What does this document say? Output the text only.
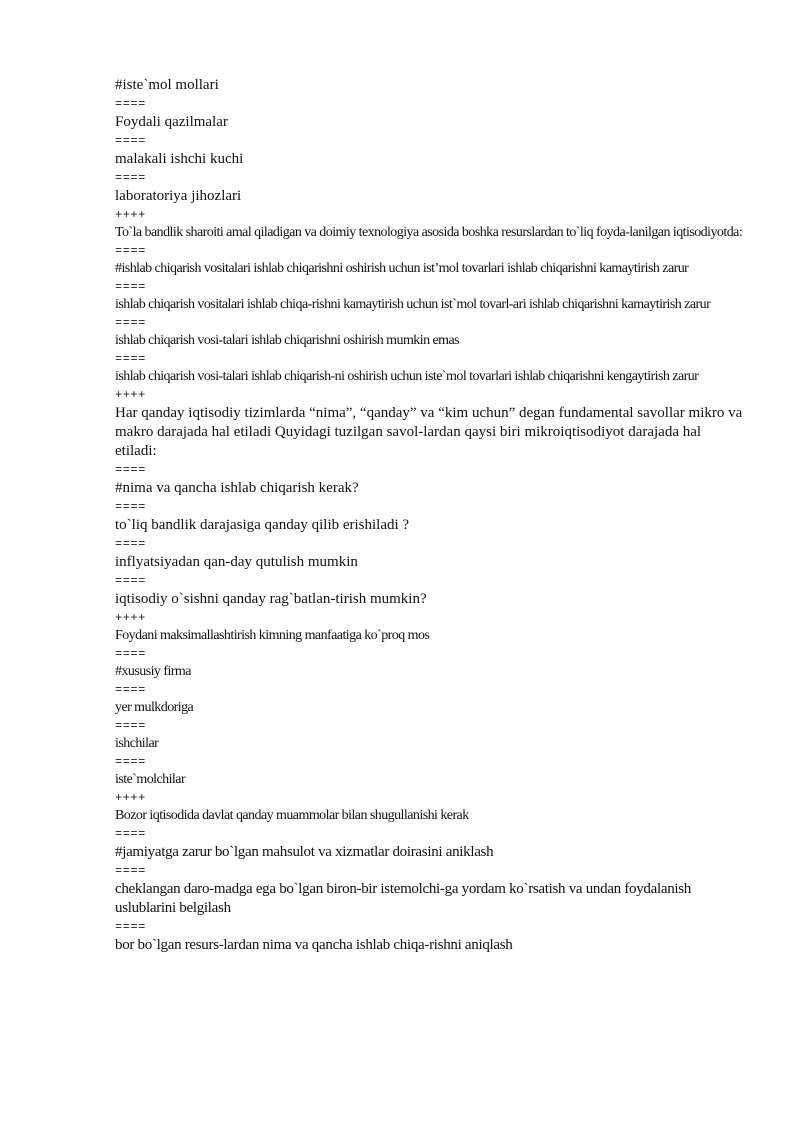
#iste`mol mollari
====
Foydali qazilmalar
====
malakali ishchi kuchi
====
laboratoriya jihozlari
++++
To`la bandlik sharoiti amal qiladigan va doimiy texnologiya asosida boshka resurslardan to`liq foyda-lanilgan iqtisodiyotda:
====
#ishlab chiqarish vositalari ishlab chiqarishni oshirish uchun ist’mol tovarlari ishlab chiqarishni kamaytirish zarur
====
ishlab chiqarish vositalari ishlab chiqa-rishni kamaytirish uchun ist`mol tovarl-ari ishlab chiqarishni kamaytirish zarur
====
ishlab chiqarish vosi-talari ishlab chiqarishni oshirish mumkin emas
====
ishlab chiqarish vosi-talari ishlab chiqarish-ni oshirish uchun iste`mol tovarlari ishlab chiqarishni kengaytirish zarur
++++
Har qanday iqtisodiy tizimlarda “nima”, “qanday” va “kim uchun” degan fundamental savollar mikro va makro darajada hal etiladi Quyidagi tuzilgan savol-lardan qaysi biri mikroiqtisodiyot darajada hal etiladi:
====
#nima va qancha ishlab chiqarish kerak?
====
to`liq bandlik darajasiga qanday qilib erishiladi ?
====
inflyatsiyadan qan-day qutulish mumkin
====
iqtisodiy o`sishni qanday rag`batlan-tirish mumkin?
++++
Foydani maksimallashtirish kimning manfaatiga ko`proq mos
====
#xususiy firma
====
yer mulkdoriga
====
ishchilar
====
iste`molchilar
++++
Bozor iqtisodida davlat qanday muammolar bilan shugullanishi kerak
====
#jamiyatga zarur bo`lgan mahsulot va xizmatlar doirasini aniklash
====
cheklangan daro-madga ega bo`lgan biron-bir istemolchi-ga yordam ko`rsatish va undan foydalanish uslublarini belgilash
====
bor bo`lgan resurs-lardan nima va qancha ishlab chiqa-rishni aniqlash
